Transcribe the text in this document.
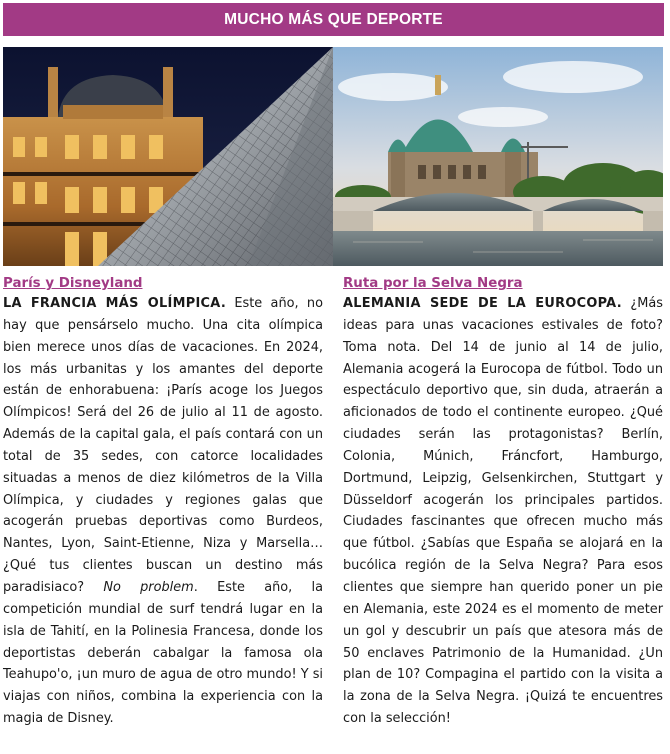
MUCHO MÁS QUE DEPORTE
París y Disneyland

LA FRANCIA MÁS OLÍMPICA. Este año, no hay que pensárselo mucho. Una cita olímpica bien merece unos días de vacaciones. En 2024, los más urbanitas y los amantes del deporte están de enhorabuena: ¡París acoge los Juegos Olímpicos! Será del 26 de julio al 11 de agosto. Además de la capital gala, el país contará con un total de 35 sedes, con catorce localidades situadas a menos de diez kilómetros de la Villa Olímpica, y ciudades y regiones galas que acogerán pruebas deportivas como Burdeos, Nantes, Lyon, Saint-Etienne, Niza y Marsella… ¿Qué tus clientes buscan un destino más paradisiaco? No problem. Este año, la competición mundial de surf tendrá lugar en la isla de Tahití, en la Polinesia Francesa, donde los deportistas deberán cabalgar la famosa ola Teahupo'o, ¡un muro de agua de otro mundo! Y si viajas con niños, combina la experiencia con la magia de Disney.

Ruta por la Selva Negra

ALEMANIA SEDE DE LA EUROCOPA. ¿Más ideas para unas vacaciones estivales de foto? Toma nota. Del 14 de junio al 14 de julio, Alemania acogerá la Eurocopa de fútbol. Todo un espectáculo deportivo que, sin duda, atraerán a aficionados de todo el continente europeo. ¿Qué ciudades serán las protagonistas? Berlín, Colonia, Múnich, Fráncfort, Hamburgo, Dortmund, Leipzig, Gelsenkirchen, Stuttgart y Düsseldorf acogerán los principales partidos. Ciudades fascinantes que ofrecen mucho más que fútbol. ¿Sabías que España se alojará en la bucólica región de la Selva Negra? Para esos clientes que siempre han querido poner un pie en Alemania, este 2024 es el momento de meter un gol y descubrir un país que atesora más de 50 enclaves Patrimonio de la Humanidad. ¿Un plan de 10? Compagina el partido con la visita a la zona de la Selva Negra. ¡Quizá te encuentres con la selección!
